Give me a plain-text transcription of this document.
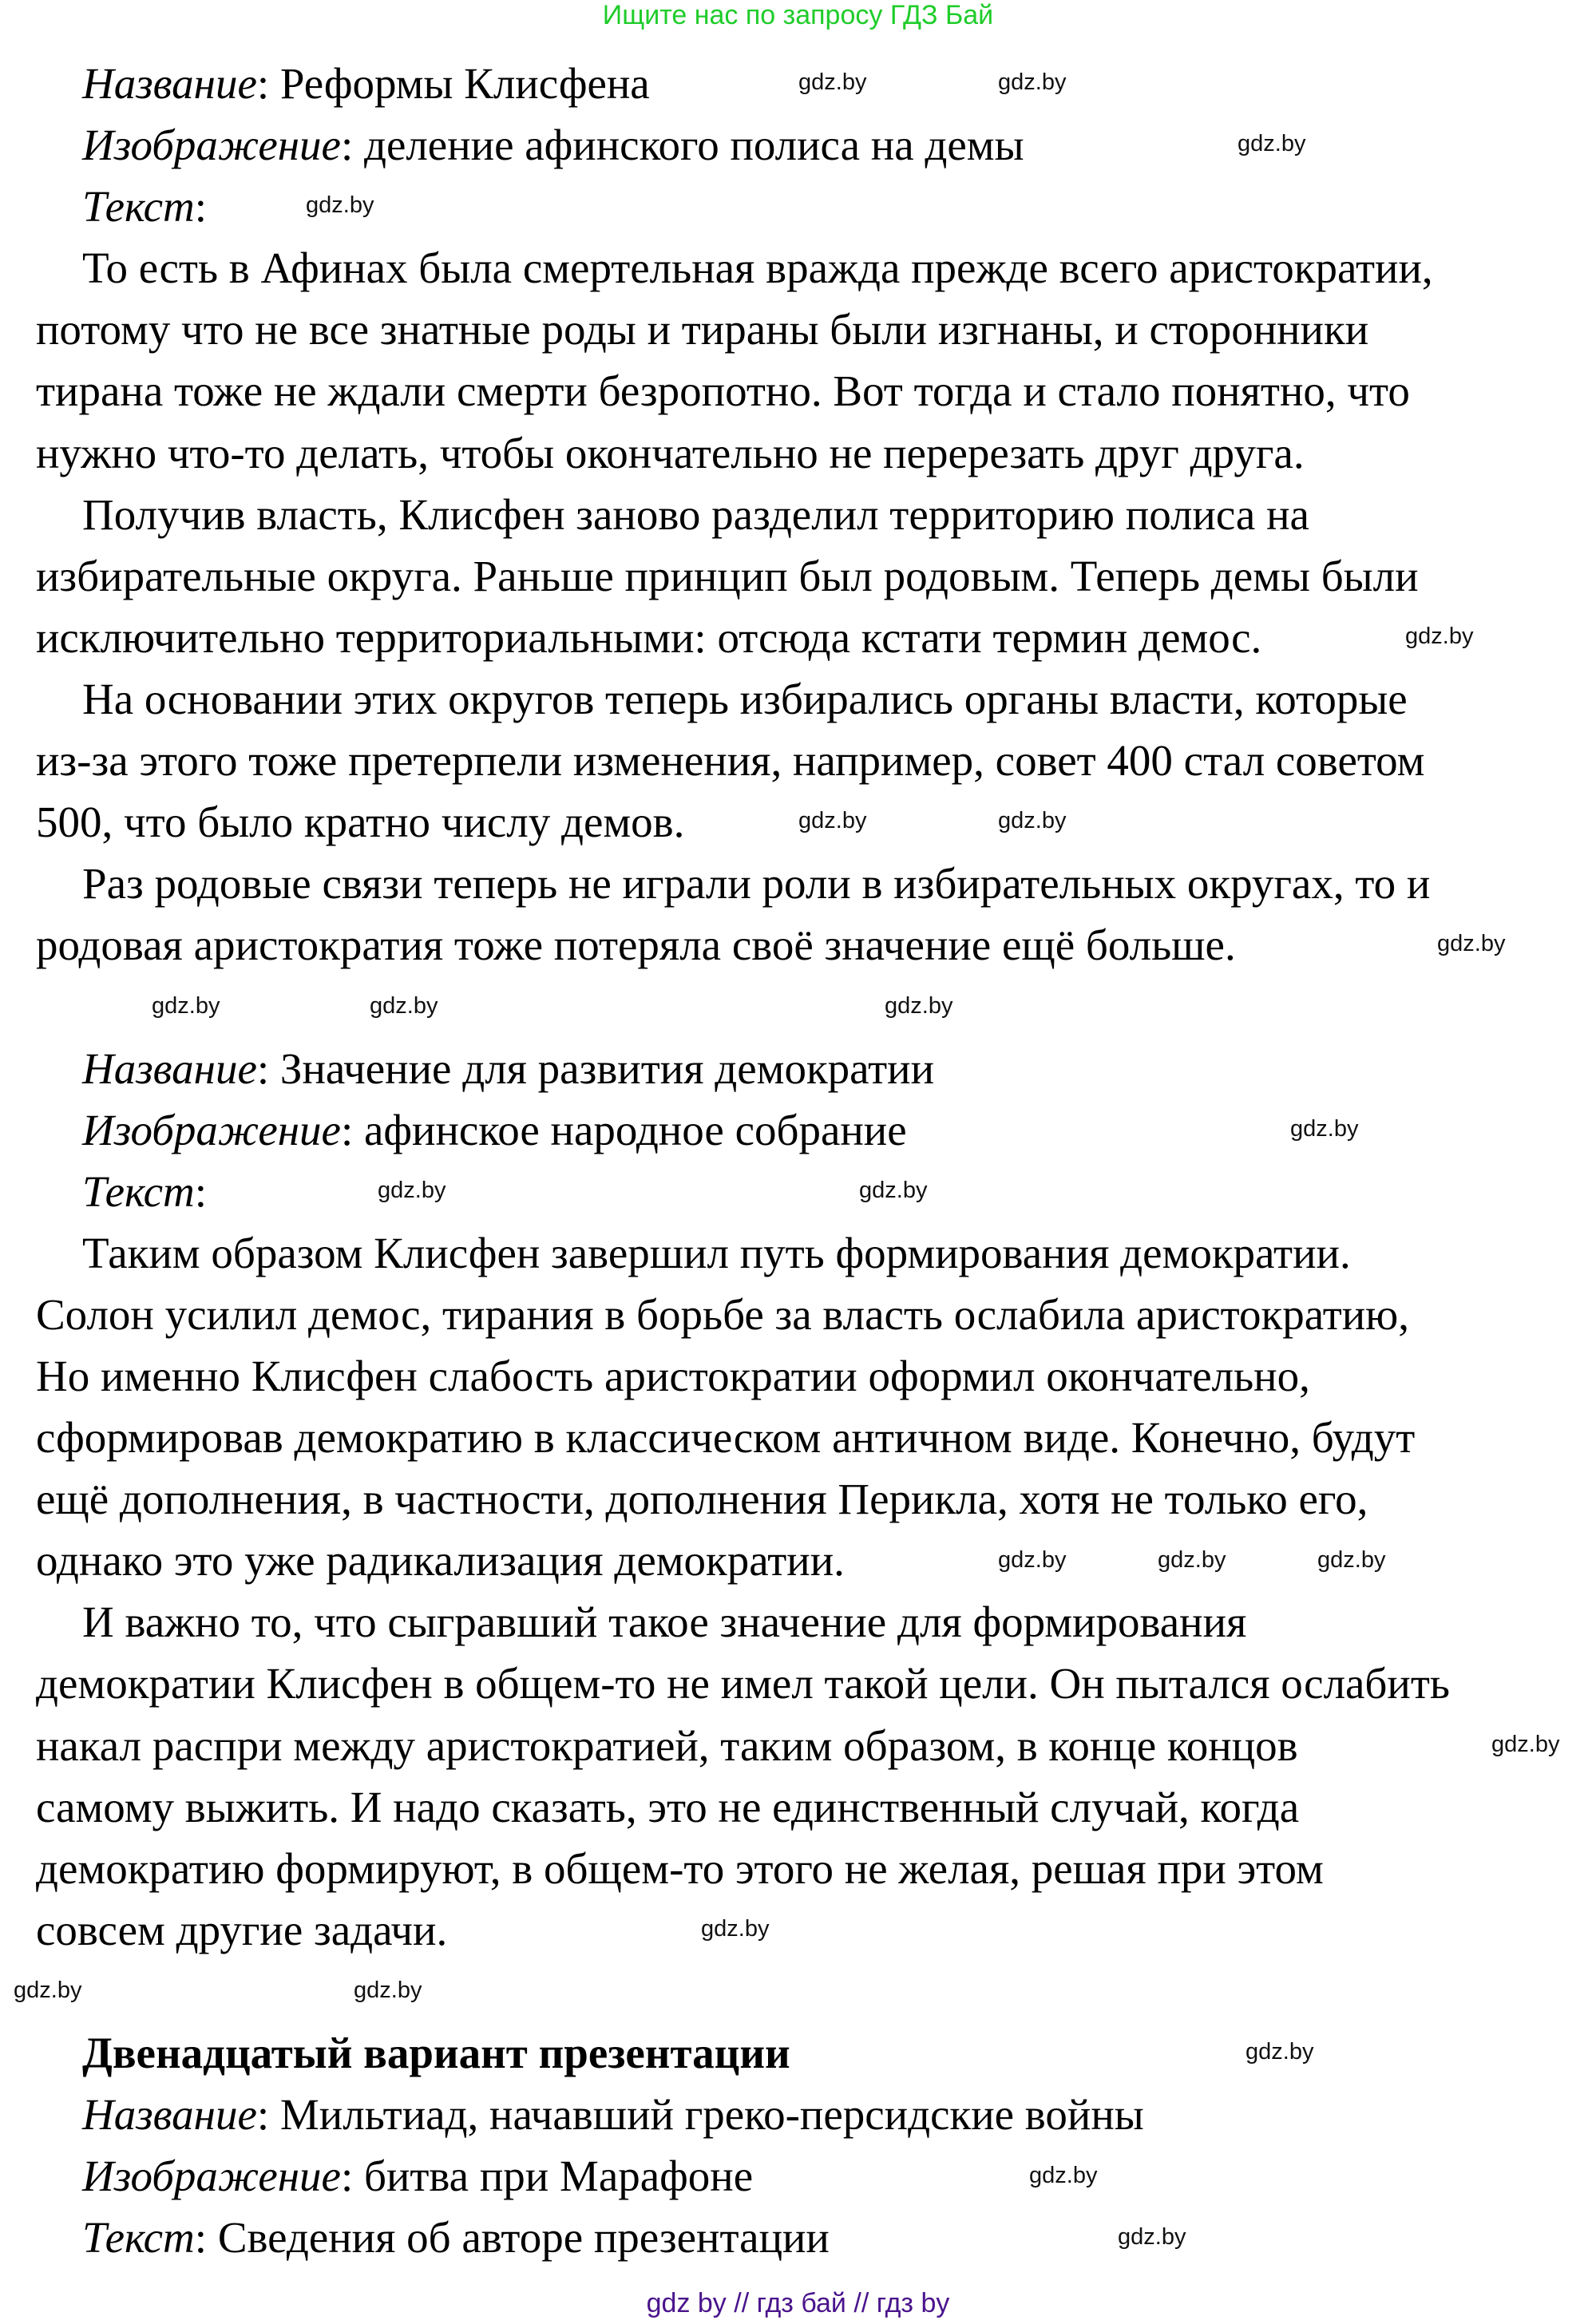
Ищите нас по запросу ГДЗ Бай
Название: Реформы Клисфена
Изображение: деление афинского полиса на демы
Текст:
То есть в Афинах была смертельная вражда прежде всего аристократии,
потому что не все знатные роды и тираны были изгнаны, и сторонники
тирана тоже не ждали смерти безропотно. Вот тогда и стало понятно, что
нужно что-то делать, чтобы окончательно не перерезать друг друга.
Получив власть, Клисфен заново разделил территорию полиса на
избирательные округа. Раньше принцип был родовым. Теперь демы были
исключительно территориальными: отсюда кстати термин демос.
На основании этих округов теперь избирались органы власти, которые
из-за этого тоже претерпели изменения, например, совет 400 стал советом
500, что было кратно числу демов.
Раз родовые связи теперь не играли роли в избирательных округах, то и
родовая аристократия тоже потеряла своё значение ещё больше.
Название: Значение для развития демократии
Изображение: афинское народное собрание
Текст:
Таким образом Клисфен завершил путь формирования демократии.
Солон усилил демос, тирания в борьбе за власть ослабила аристократию,
Но именно Клисфен слабость аристократии оформил окончательно,
сформировав демократию в классическом античном виде. Конечно, будут
ещё дополнения, в частности, дополнения Перикла, хотя не только его,
однако это уже радикализация демократии.
И важно то, что сыгравший такое значение для формирования
демократии Клисфен в общем-то не имел такой цели. Он пытался ослабить
накал распри между аристократией, таким образом, в конце концов
самому выжить. И надо сказать, это не единственный случай, когда
демократию формируют, в общем-то этого не желая, решая при этом
совсем другие задачи.
Двенадцатый вариант презентации
Название: Мильтиад, начавший греко-персидские войны
Изображение: битва при Марафоне
Текст: Сведения об авторе презентации
gdz.by	gdz.by
gdz.by
gdz.by
gdz.by
gdz.by
gdz.by
gdz.by
gdz.by
gdz.by
gdz.by
gdz.by
gdz.by	gdz.by
gdz.by	gdz.by
gdz.by
gdz.by
gdz.by
gdz.by	gdz.by
gdz.by
gdz.by
gdz.by
gdz by // гдз бай // гдз by
